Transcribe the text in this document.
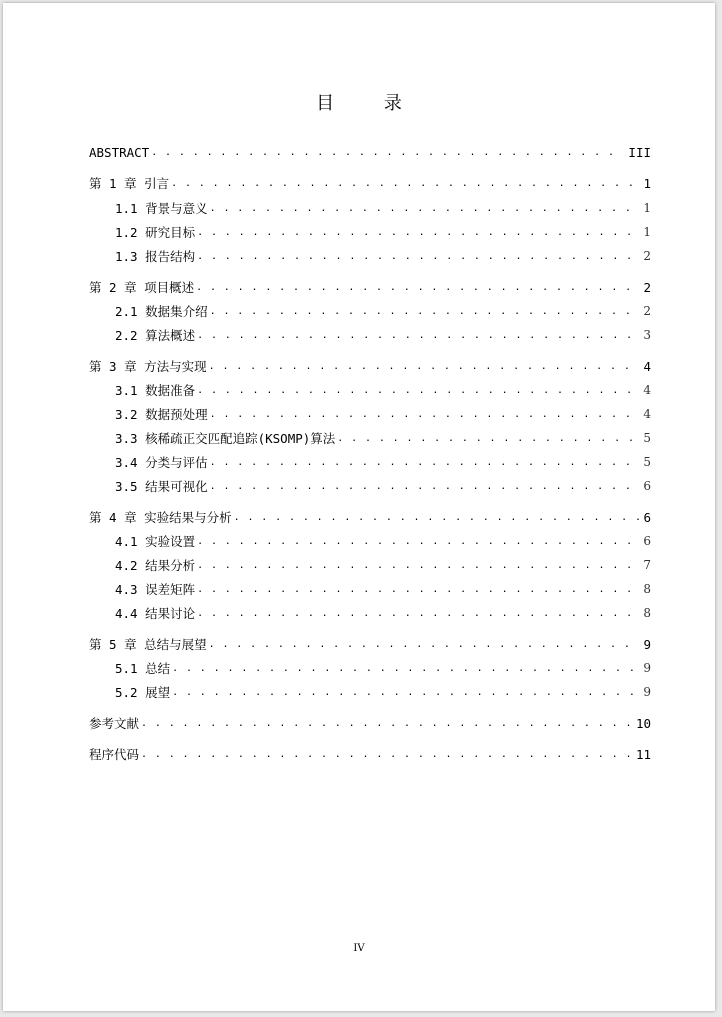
目 录
ABSTRACT . . .	III
第 1 章 引言 . . .	1
1.1 背景与意义 . . .	1
1.2 研究目标 . . .	1
1.3 报告结构 . . .	2
第 2 章 项目概述 . . .	2
2.1 数据集介绍 . . .	2
2.2 算法概述 . . .	3
第 3 章 方法与实现 . . .	4
3.1 数据准备 . . .	4
3.2 数据预处理 . . .	4
3.3 核稀疏正交匹配追踪(KSOMP)算法 . . .	5
3.4 分类与评估 . . .	5
3.5 结果可视化 . . .	6
第 4 章 实验结果与分析 . . .	6
4.1 实验设置 . . .	6
4.2 结果分析 . . .	7
4.3 误差矩阵 . . .	8
4.4 结果讨论 . . .	8
第 5 章 总结与展望 . . .	9
5.1 总结 . . .	9
5.2 展望 . . .	9
参考文献 . . .	10
程序代码 . . .	11
IV
